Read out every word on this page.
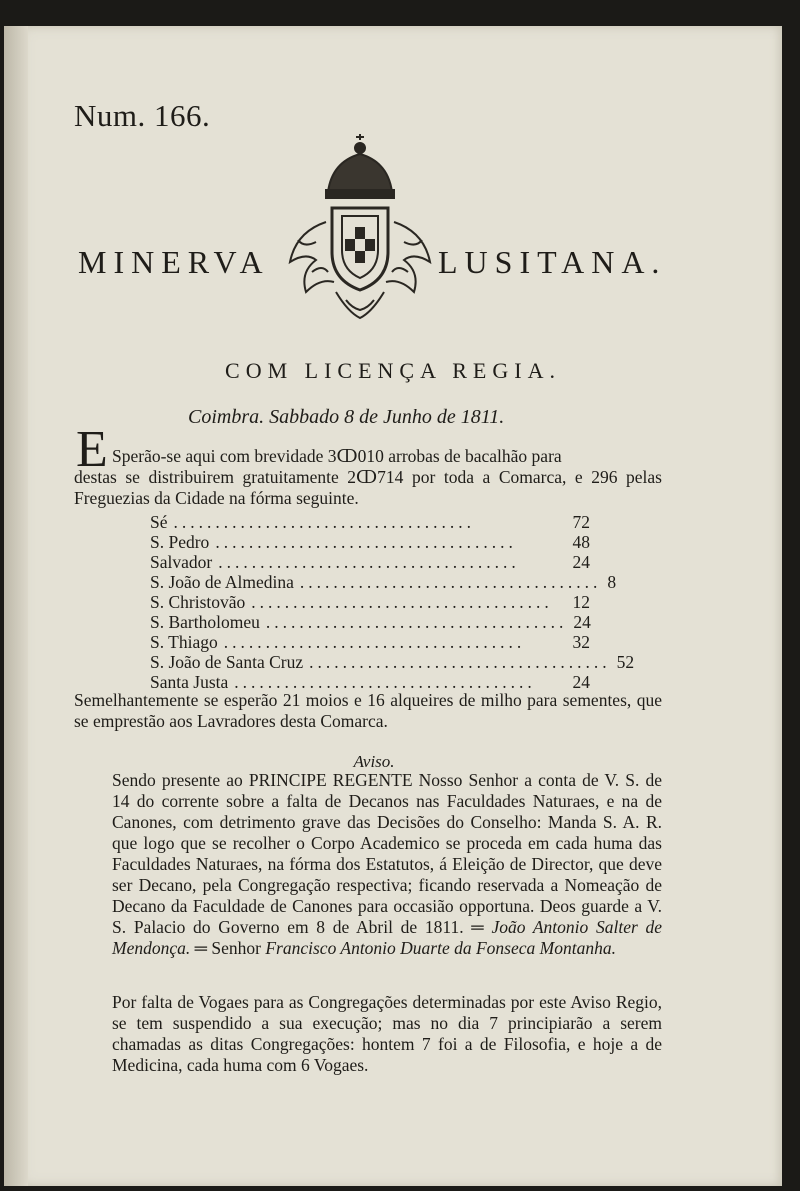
Num. 166.
MINERVA	LUSITANA.
COM LICENÇA REGIA.
Coimbra. Sabbado 8 de Junho de 1811.
E Sperão-se aqui com brevidade 3ↀ010 arrobas de bacalhão para
destas se distribuirem gratuitamente 2ↀ714 por toda a Comarca, e 296 pelas Freguezias da Cidade na fórma seguinte.
Sé ....................................	72
S. Pedro ....................................	48
Salvador ....................................	24
S. João de Almedina .................................... 8
S. Christovão ....................................	12
S. Bartholomeu .................................... 24
S. Thiago ....................................	32
S. João de Santa Cruz .................................... 52
Santa Justa ....................................	24
Semelhantemente se esperão 21 moios e 16 alqueires de milho para sementes, que se emprestão aos Lavradores desta Comarca.
Aviso.
Sendo presente ao PRINCIPE REGENTE Nosso Senhor a conta de V. S. de 14 do corrente sobre a falta de Decanos nas Faculdades Naturaes, e na de Canones, com detrimento grave das Decisões do Conselho: Manda S. A. R. que logo que se recolher o Corpo Academico se proceda em cada huma das Faculdades Naturaes, na fórma dos Estatutos, á Eleição de Director, que deve ser Decano, pela Congregação respectiva; ficando reservada a Nomeação de Decano da Faculdade de Canones para occasião opportuna. Deos guarde a V. S. Palacio do Governo em 8 de Abril de 1811. ═ João Antonio Salter de Mendonça. ═ Senhor Francisco Antonio Duarte da Fonseca Montanha.
Por falta de Vogaes para as Congregações determinadas por este Aviso Regio, se tem suspendido a sua execução; mas no dia 7 principiarão a serem chamadas as ditas Congregações: hontem 7 foi a de Filosofia, e hoje a de Medicina, cada huma com 6 Vogaes.
